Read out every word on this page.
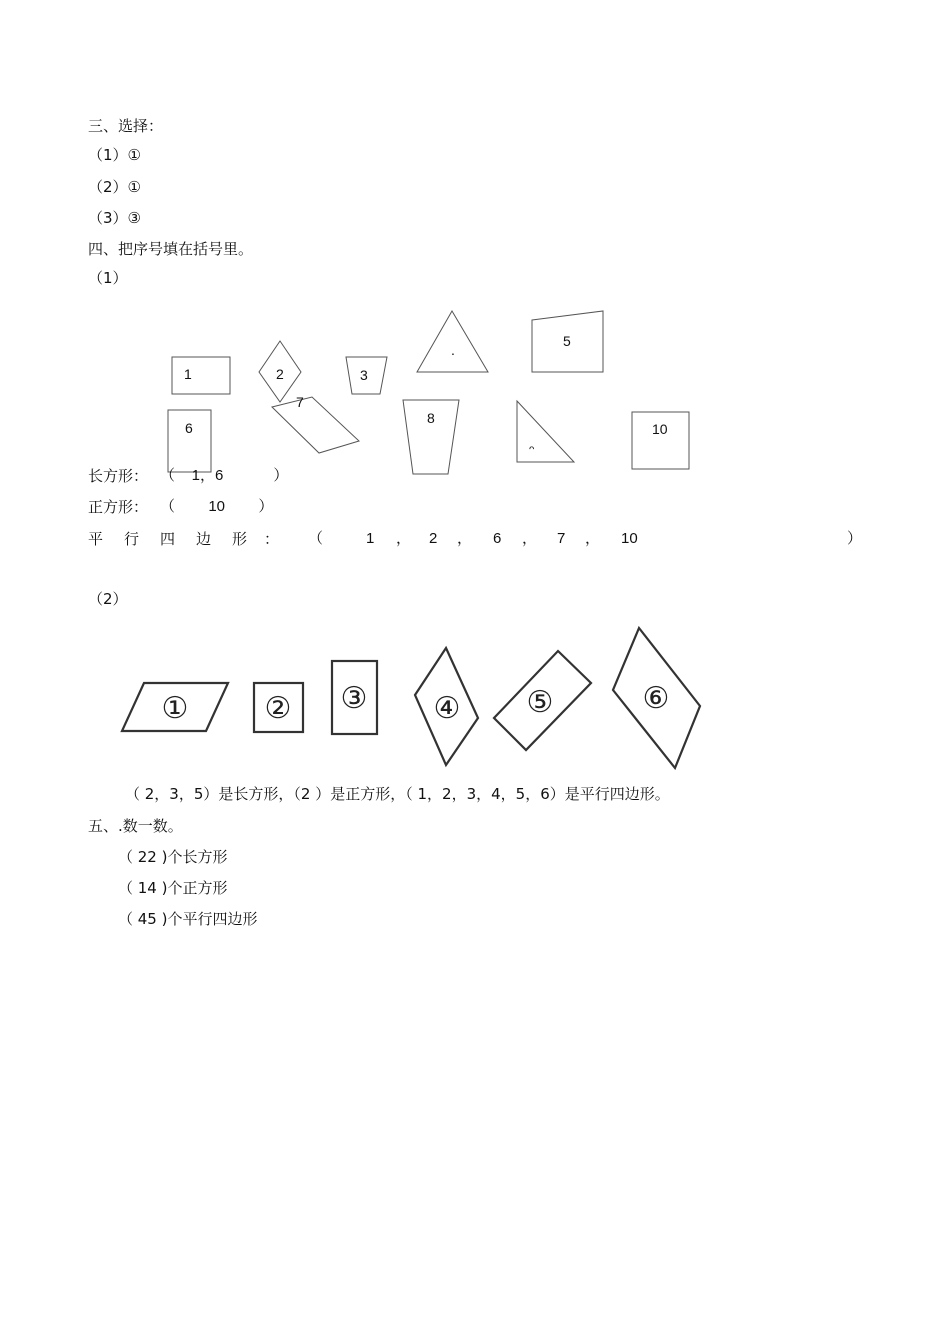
三、选择：
（1）①
（2）①
（3）③
四、把序号填在括号里。
（1）
1	2	3
.
5
6
7
8
ᵔ
10
长方形： （    1，6            ）
正方形： （        10        ）
平 行 四 边 形 ： （	1 ， 2 ， 6 ， 7 ， 10	）
（2）
①	② ③ ④ ⑤	⑥
（ 2，3，5）是长方形，（2 ）是正方形，（ 1，2，3，4，5，6）是平行四边形。
五、.数一数。
（ 22 )个长方形
（ 14 )个正方形
（ 45 )个平行四边形
